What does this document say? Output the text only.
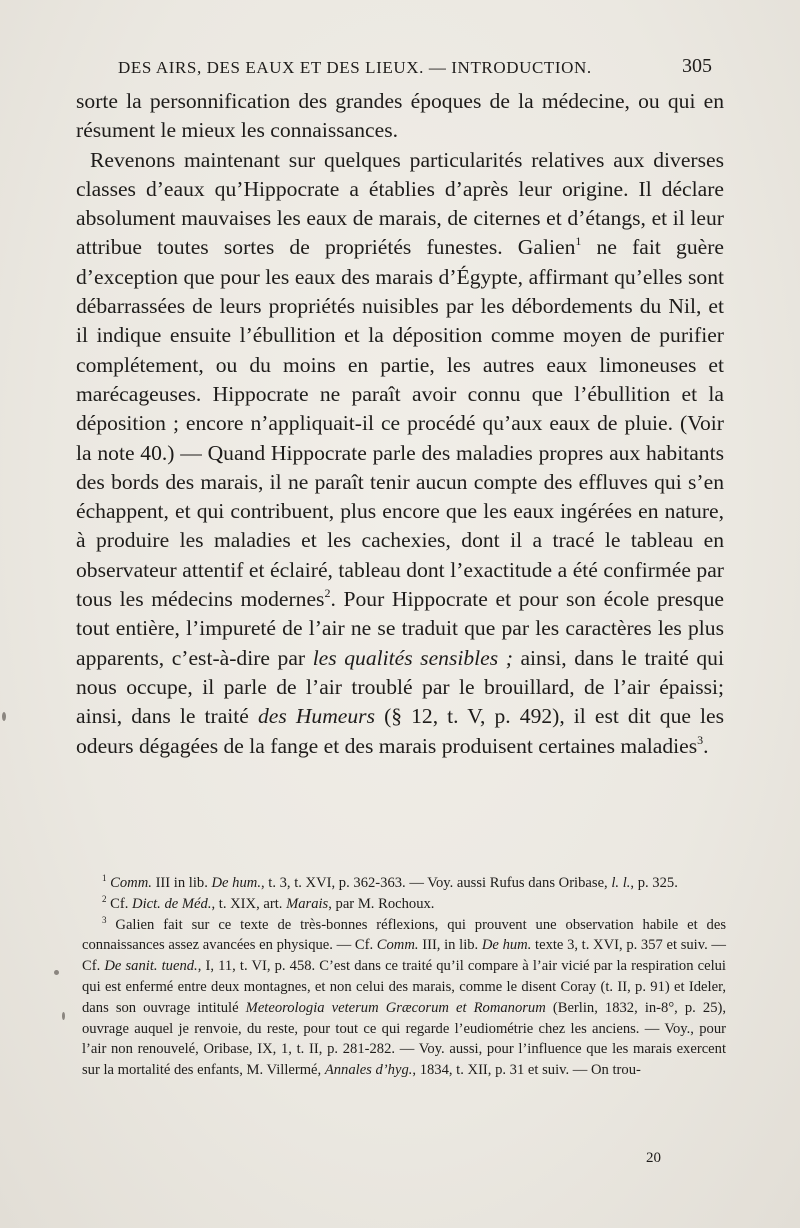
DES AIRS, DES EAUX ET DES LIEUX. — INTRODUCTION.	305

sorte la personnification des grandes époques de la médecine, ou qui en résument le mieux les connaissances.

Revenons maintenant sur quelques particularités relatives aux diverses classes d’eaux qu’Hippocrate a établies d’après leur origine. Il déclare absolument mauvaises les eaux de marais, de citernes et d’étangs, et il leur attribue toutes sortes de propriétés funestes. Galien$^1$ ne fait guère d’exception que pour les eaux des marais d’Égypte, affirmant qu’elles sont débarrassées de leurs propriétés nuisibles par les débordements du Nil, et il indique ensuite l’ébullition et la déposition comme moyen de purifier complétement, ou du moins en partie, les autres eaux limoneuses et marécageuses. Hippocrate ne paraît avoir connu que l’ébullition et la déposition ; encore n’appliquait-il ce procédé qu’aux eaux de pluie. (Voir la note 40.) — Quand Hippocrate parle des maladies propres aux habitants des bords des marais, il ne paraît tenir aucun compte des effluves qui s’en échappent, et qui contribuent, plus encore que les eaux ingérées en nature, à produire les maladies et les cachexies, dont il a tracé le tableau en observateur attentif et éclairé, tableau dont l’exactitude a été confirmée par tous les médecins modernes$^2$. Pour Hippocrate et pour son école presque tout entière, l’impureté de l’air ne se traduit que par les caractères les plus apparents, c’est-à-dire par les qualités sensibles ; ainsi, dans le traité qui nous occupe, il parle de l’air troublé par le brouillard, de l’air épaissi; ainsi, dans le traité des Humeurs (§ 12, t. V, p. 492), il est dit que les odeurs dégagées de la fange et des marais produisent certaines maladies$^3$.

$^1$ Comm. III in lib. De hum., t. 3, t. XVI, p. 362-363. — Voy. aussi Rufus dans Oribase, l. l., p. 325.

$^2$ Cf. Dict. de Méd., t. XIX, art. Marais, par M. Rochoux.

$^3$ Galien fait sur ce texte de très-bonnes réflexions, qui prouvent une observation habile et des connaissances assez avancées en physique. — Cf. Comm. III, in lib. De hum. texte 3, t. XVI, p. 357 et suiv. — Cf. De sanit. tuend., I, 11, t. VI, p. 458. C’est dans ce traité qu’il compare à l’air vicié par la respiration celui qui est enfermé entre deux montagnes, et non celui des marais, comme le disent Coray (t. II, p. 91) et Ideler, dans son ouvrage intitulé Meteorologia veterum Græcorum et Romanorum (Berlin, 1832, in-8°, p. 25), ouvrage auquel je renvoie, du reste, pour tout ce qui regarde l’eudiométrie chez les anciens. — Voy., pour l’air non renouvelé, Oribase, IX, 1, t. II, p. 281-282. — Voy. aussi, pour l’influence que les marais exercent sur la mortalité des enfants, M. Villermé, Annales d’hyg., 1834, t. XII, p. 31 et suiv. — On trou-

20
